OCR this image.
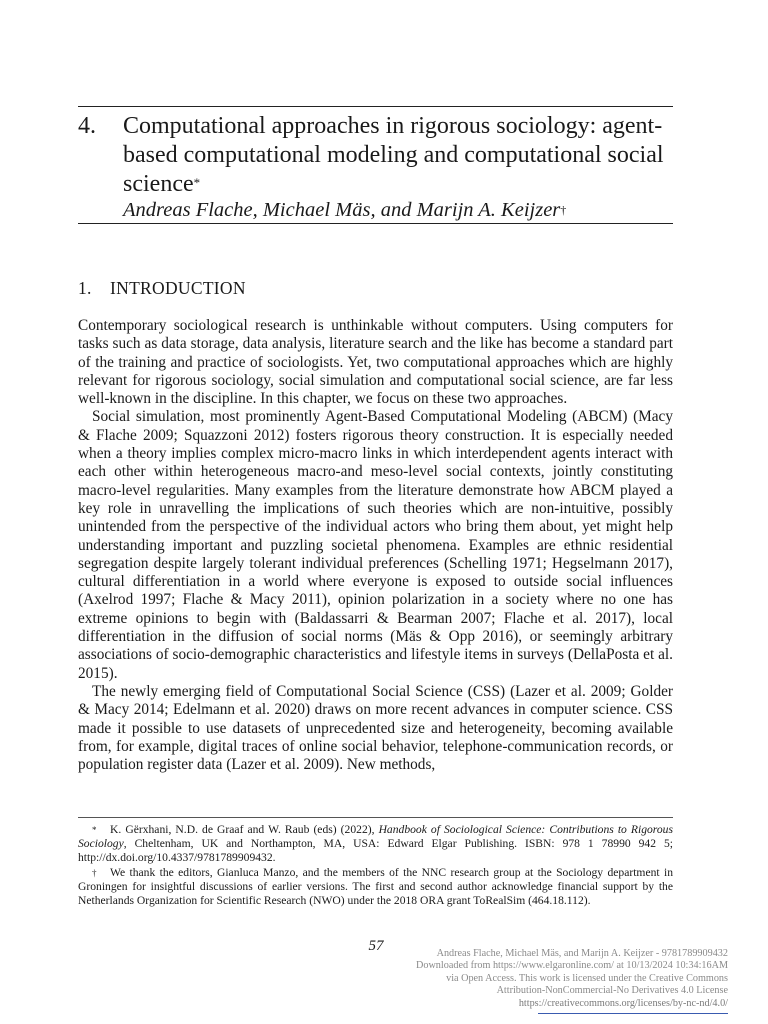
4. Computational approaches in rigorous sociology: agent-based computational modeling and computational social science*
Andreas Flache, Michael Mäs, and Marijn A. Keijzer†
1. INTRODUCTION

Contemporary sociological research is unthinkable without computers. Using computers for tasks such as data storage, data analysis, literature search and the like has become a standard part of the training and practice of sociologists. Yet, two computational approaches which are highly relevant for rigorous sociology, social simulation and computational social science, are far less well-known in the discipline. In this chapter, we focus on these two approaches.

Social simulation, most prominently Agent-Based Computational Modeling (ABCM) (Macy & Flache 2009; Squazzoni 2012) fosters rigorous theory construction. It is especially needed when a theory implies complex micro-macro links in which interdependent agents interact with each other within heterogeneous macro-and meso-level social contexts, jointly constituting macro-level regularities. Many examples from the literature demonstrate how ABCM played a key role in unravelling the implications of such theories which are non-intuitive, possibly unintended from the perspective of the individual actors who bring them about, yet might help understanding important and puzzling societal phenomena. Examples are ethnic residential segregation despite largely tolerant individual preferences (Schelling 1971; Hegselmann 2017), cultural differentiation in a world where everyone is exposed to outside social influences (Axelrod 1997; Flache & Macy 2011), opinion polarization in a society where no one has extreme opinions to begin with (Baldassarri & Bearman 2007; Flache et al. 2017), local differentiation in the diffusion of social norms (Mäs & Opp 2016), or seemingly arbitrary associations of socio-demographic characteristics and lifestyle items in surveys (DellaPosta et al. 2015).

The newly emerging field of Computational Social Science (CSS) (Lazer et al. 2009; Golder & Macy 2014; Edelmann et al. 2020) draws on more recent advances in computer science. CSS made it possible to use datasets of unprecedented size and heterogeneity, becoming available from, for example, digital traces of online social behavior, telephone-communication records, or population register data (Lazer et al. 2009). New methods,

* K. Gërxhani, N.D. de Graaf and W. Raub (eds) (2022), Handbook of Sociological Science: Contributions to Rigorous Sociology, Cheltenham, UK and Northampton, MA, USA: Edward Elgar Publishing. ISBN: 978 1 78990 942 5; http://dx.doi.org/10.4337/9781789909432.

† We thank the editors, Gianluca Manzo, and the members of the NNC research group at the Sociology department in Groningen for insightful discussions of earlier versions. The first and second author acknowledge financial support by the Netherlands Organization for Scientific Research (NWO) under the 2018 ORA grant ToRealSim (464.18.112).

57	Andreas Flache, Michael Mäs, and Marijn A. Keijzer - 9781789909432
Downloaded from https://www.elgaronline.com/ at 10/13/2024 10:34:16AM
via Open Access. This work is licensed under the Creative Commons
Attribution-NonCommercial-No Derivatives 4.0 License
https://creativecommons.org/licenses/by-nc-nd/4.0/
